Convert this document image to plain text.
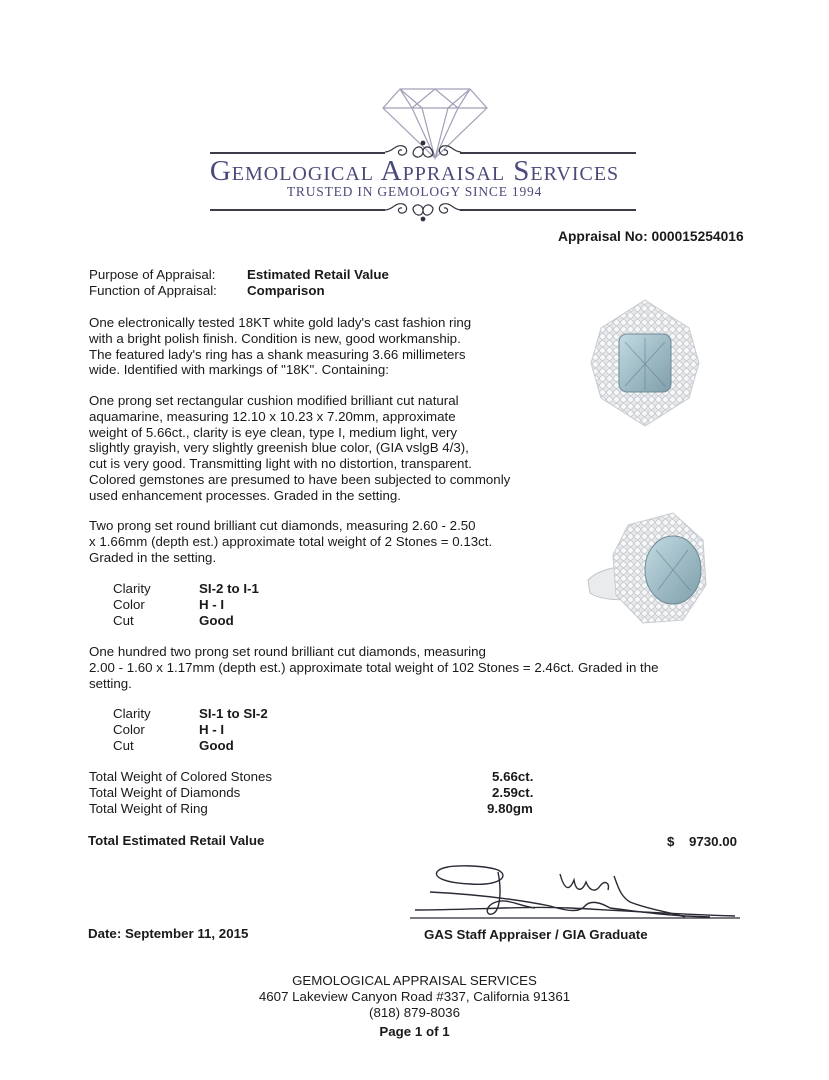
Gemological Appraisal Services
TRUSTED IN GEMOLOGY SINCE 1994
Appraisal No: 000015254016
Purpose of Appraisal: Estimated Retail Value
Function of Appraisal: Comparison
One electronically tested 18KT white gold lady's cast fashion ring
with a bright polish finish. Condition is new, good workmanship.
The featured lady's ring has a shank measuring 3.66 millimeters
wide. Identified with markings of "18K". Containing:
One prong set rectangular cushion modified brilliant cut natural
aquamarine, measuring 12.10 x 10.23 x 7.20mm, approximate
weight of 5.66ct., clarity is eye clean, type I, medium light, very
slightly grayish, very slightly greenish blue color, (GIA vslgB 4/3),
cut is very good. Transmitting light with no distortion, transparent.
Colored gemstones are presumed to have been subjected to commonly
used enhancement processes. Graded in the setting.
Two prong set round brilliant cut diamonds, measuring 2.60 - 2.50
x 1.66mm (depth est.) approximate total weight of 2 Stones = 0.13ct.
Graded in the setting.
Clarity	SI-2 to I-1
Color	H - I
Cut	Good
One hundred two prong set round brilliant cut diamonds, measuring
2.00 - 1.60 x 1.17mm (depth est.) approximate total weight of 102 Stones = 2.46ct. Graded in the
setting.
Clarity	SI-1 to SI-2
Color	H - I
Cut	Good
Total Weight of Colored Stones	5.66ct.
Total Weight of Diamonds	2.59ct.
Total Weight of Ring	9.80gm
Total Estimated Retail Value	$ 9730.00
Date: September 11, 2015	GAS Staff Appraiser / GIA Graduate
GEMOLOGICAL APPRAISAL SERVICES
4607 Lakeview Canyon Road #337, California 91361
(818) 879-8036
Page 1 of 1
